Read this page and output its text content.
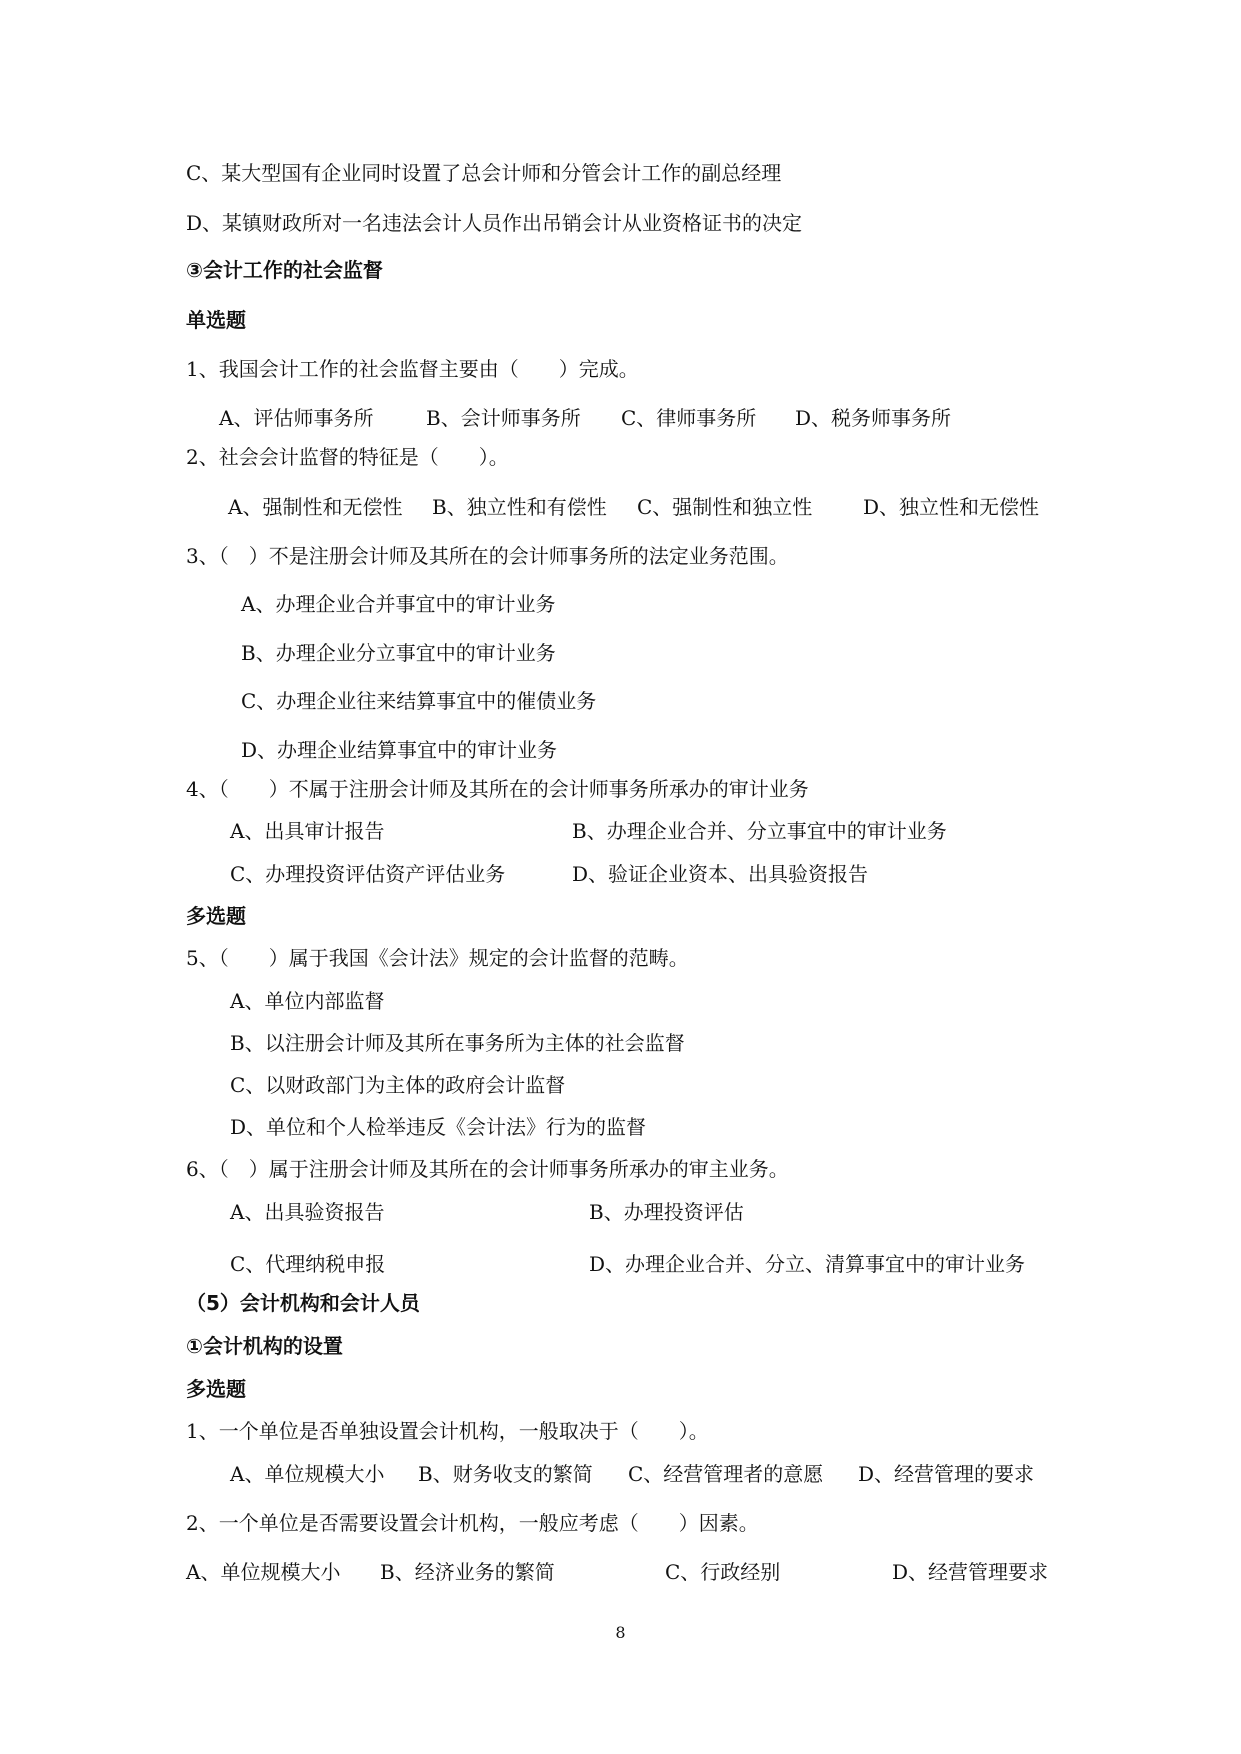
C、某大型国有企业同时设置了总会计师和分管会计工作的副总经理
D、某镇财政所对一名违法会计人员作出吊销会计从业资格证书的决定
③会计工作的社会监督
单选题
1、我国会计工作的社会监督主要由（　　）完成。
A、评估师事务所	B、会计师事务所 C、律师事务所 D、税务师事务所
2、社会会计监督的特征是（　　）。
A、强制性和无偿性 B、独立性和有偿性 C、强制性和独立性	D、独立性和无偿性
3、（　）不是注册会计师及其所在的会计师事务所的法定业务范围。
A、办理企业合并事宜中的审计业务
B、办理企业分立事宜中的审计业务
C、办理企业往来结算事宜中的催债业务
D、办理企业结算事宜中的审计业务
4、（　　）不属于注册会计师及其所在的会计师事务所承办的审计业务
A、出具审计报告	B、办理企业合并、分立事宜中的审计业务
C、办理投资评估资产评估业务	D、验证企业资本、出具验资报告
多选题
5、（　　）属于我国《会计法》规定的会计监督的范畴。
A、单位内部监督
B、以注册会计师及其所在事务所为主体的社会监督
C、以财政部门为主体的政府会计监督
D、单位和个人检举违反《会计法》行为的监督
6、（　）属于注册会计师及其所在的会计师事务所承办的审主业务。
A、出具验资报告	B、办理投资评估
C、代理纳税申报	D、办理企业合并、分立、清算事宜中的审计业务
（5）会计机构和会计人员
①会计机构的设置
多选题
1、一个单位是否单独设置会计机构，一般取决于（　　）。
A、单位规模大小 B、财务收支的繁简 C、经营管理者的意愿 D、经营管理的要求
2、一个单位是否需要设置会计机构，一般应考虑（　　）因素。
A、单位规模大小 B、经济业务的繁简	C、行政经别	D、经营管理要求
8
